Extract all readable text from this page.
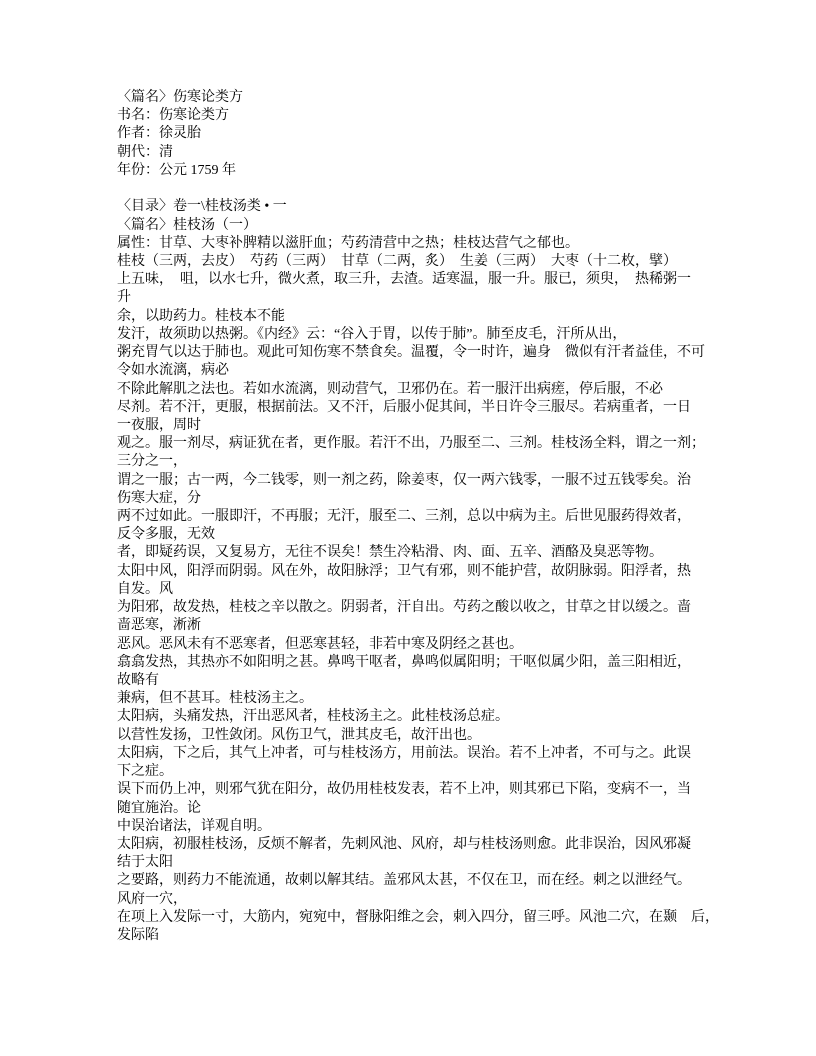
〈篇名〉伤寒论类方
书名：伤寒论类方
作者：徐灵胎
朝代：清
年份：公元 1759 年

〈目录〉卷一\桂枝汤类 • 一
〈篇名〉桂枝汤（一）
属性：甘草、大枣补脾精以滋肝血；芍药清营中之热；桂枝达营气之郁也。
桂枝（三两，去皮）　芍药（三两）　甘草（二两，炙）　生姜（三两）　大枣（十二枚，擘）
上五味，　咀，以水七升，微火煮，取三升，去渣。适寒温，服一升。服已，须臾，　热稀粥一
升
余，以助药力。桂枝本不能
发汗，故须助以热粥。《内经》云：“谷入于胃，以传于肺”。肺至皮毛，汗所从出，
粥充胃气以达于肺也。观此可知伤寒不禁食矣。温覆，令一时许，遍身　微似有汗者益佳，不可
令如水流漓，病必
不除此解肌之法也。若如水流漓，则动营气，卫邪仍在。若一服汗出病瘥，停后服，不必
尽剂。若不汗，更服，根据前法。又不汗，后服小促其间，半日许令三服尽。若病重者，一日
一夜服，周时
观之。服一剂尽，病证犹在者，更作服。若汗不出，乃服至二、三剂。桂枝汤全料，谓之一剂；
三分之一，
谓之一服；古一两，今二钱零，则一剂之药，除姜枣，仅一两六钱零，一服不过五钱零矣。治
伤寒大症，分
两不过如此。一服即汗，不再服；无汗，服至二、三剂，总以中病为主。后世见服药得效者，
反令多服，无效
者，即疑药误，又复易方，无往不误矣！禁生冷粘滑、肉、面、五辛、酒酪及臭恶等物。
太阳中风，阳浮而阴弱。风在外，故阳脉浮；卫气有邪，则不能护营，故阴脉弱。阳浮者，热
自发。风
为阳邪，故发热，桂枝之辛以散之。阴弱者，汗自出。芍药之酸以收之，甘草之甘以缓之。啬
啬恶寒，淅淅
恶风。恶风未有不恶寒者，但恶寒甚轻，非若中寒及阴经之甚也。
翕翕发热，其热亦不如阳明之甚。鼻鸣干呕者，鼻鸣似属阳明；干呕似属少阳，盖三阳相近，
故略有
兼病，但不甚耳。桂枝汤主之。
太阳病，头痛发热，汗出恶风者，桂枝汤主之。此桂枝汤总症。
以营性发扬，卫性敛闭。风伤卫气，泄其皮毛，故汗出也。
太阳病，下之后，其气上冲者，可与桂枝汤方，用前法。误治。若不上冲者，不可与之。此误
下之症。
误下而仍上冲，则邪气犹在阳分，故仍用桂枝发表，若不上冲，则其邪已下陷，变病不一，当
随宜施治。论
中误治诸法，详观自明。
太阳病，初服桂枝汤，反烦不解者，先刺风池、风府，却与桂枝汤则愈。此非误治，因风邪凝
结于太阳
之要路，则药力不能流通，故刺以解其结。盖邪风太甚，不仅在卫，而在经。刺之以泄经气。
风府一穴，
在项上入发际一寸，大筋内，宛宛中，督脉阳维之会，刺入四分，留三呼。风池二穴，在颞　后，
发际陷
